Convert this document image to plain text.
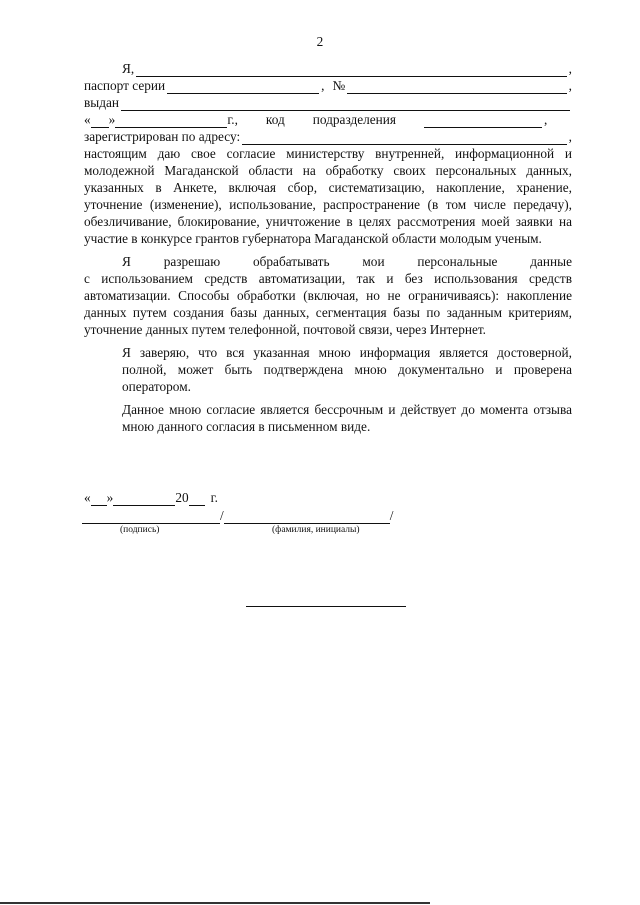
2
Я,	,
паспорт серии	, №	,
выдан
« »	г., код подразделения	,
зарегистрирован по адресу:	,

настоящим даю свое согласие министерству внутренней, информационной и молодежной Магаданской области на обработку своих персональных данных, указанных в Анкете, включая сбор, систематизацию, накопление, хранение, уточнение (изменение), использование, распространение (в том числе передачу), обезличивание, блокирование, уничтожение в целях рассмотрения моей заявки на участие в конкурсе грантов губернатора Магаданской области молодым ученым.

Я разрешаю обрабатывать мои персональные данные

с использованием средств автоматизации, так и без использования средств автоматизации. Способы обработки (включая, но не ограничиваясь): накопление данных путем создания базы данных, сегментация базы по заданным критериям, уточнение данных путем телефонной, почтовой связи, через Интернет.

Я заверяю, что вся указанная мною информация является достоверной, полной, может быть подтверждена мною документально и проверена оператором.

Данное мною согласие является бессрочным и действует до момента отзыва мною данного согласия в письменном виде.

« »	20 г.
/	/
(подпись)	(фамилия, инициалы)
